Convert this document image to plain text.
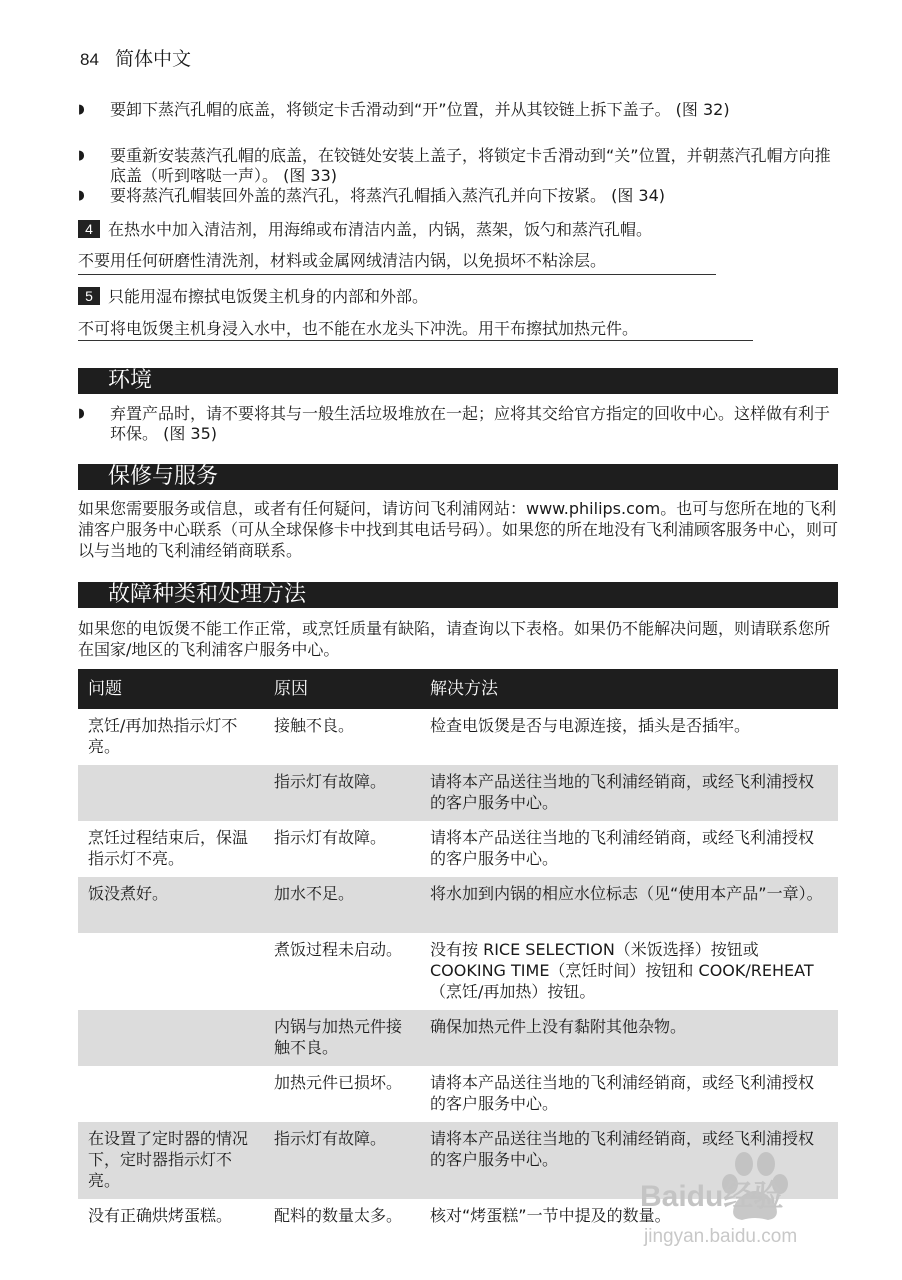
84 简体中文
◗ 要卸下蒸汽孔帽的底盖，将锁定卡舌滑动到“开”位置，并从其铰链上拆下盖子。 (图 32)
◗ 要重新安装蒸汽孔帽的底盖，在铰链处安装上盖子，将锁定卡舌滑动到“关”位置，并朝蒸汽孔帽方向推底盖（听到喀哒一声）。 (图 33)
◗ 要将蒸汽孔帽装回外盖的蒸汽孔，将蒸汽孔帽插入蒸汽孔并向下按紧。 (图 34)
4 在热水中加入清洁剂，用海绵或布清洁内盖，内锅，蒸架，饭勺和蒸汽孔帽。
不要用任何研磨性清洗剂，材料或金属网绒清洁内锅，以免损坏不粘涂层。
5 只能用湿布擦拭电饭煲主机身的内部和外部。
不可将电饭煲主机身浸入水中，也不能在水龙头下冲洗。用干布擦拭加热元件。
环境
◗ 弃置产品时，请不要将其与一般生活垃圾堆放在一起；应将其交给官方指定的回收中心。这样做有利于环保。 (图 35)
保修与服务
如果您需要服务或信息，或者有任何疑问，请访问飞利浦网站：www.philips.com。也可与您所在地的飞利浦客户服务中心联系（可从全球保修卡中找到其电话号码）。如果您的所在地没有飞利浦顾客服务中心，则可以与当地的飞利浦经销商联系。
故障种类和处理方法
如果您的电饭煲不能工作正常，或烹饪质量有缺陷，请查询以下表格。如果仍不能解决问题，则请联系您所在国家/地区的飞利浦客户服务中心。
问题	原因	解决方法
烹饪/再加热指示灯不亮。	接触不良。	检查电饭煲是否与电源连接，插头是否插牢。
	指示灯有故障。	请将本产品送往当地的飞利浦经销商，或经飞利浦授权的客户服务中心。
烹饪过程结束后，保温指示灯不亮。	指示灯有故障。	请将本产品送往当地的飞利浦经销商，或经飞利浦授权的客户服务中心。
饭没煮好。	加水不足。	将水加到内锅的相应水位标志（见“使用本产品”一章）。
	煮饭过程未启动。	没有按 RICE SELECTION（米饭选择）按钮或 COOKING TIME（烹饪时间）按钮和 COOK/REHEAT（烹饪/再加热）按钮。
	内锅与加热元件接触不良。	确保加热元件上没有黏附其他杂物。
	加热元件已损坏。	请将本产品送往当地的飞利浦经销商，或经飞利浦授权的客户服务中心。
在设置了定时器的情况下，定时器指示灯不亮。	指示灯有故障。	请将本产品送往当地的飞利浦经销商，或经飞利浦授权的客户服务中心。
没有正确烘烤蛋糕。	配料的数量太多。	核对“烤蛋糕”一节中提及的数量。
Baidu经验
jingyan.baidu.com
